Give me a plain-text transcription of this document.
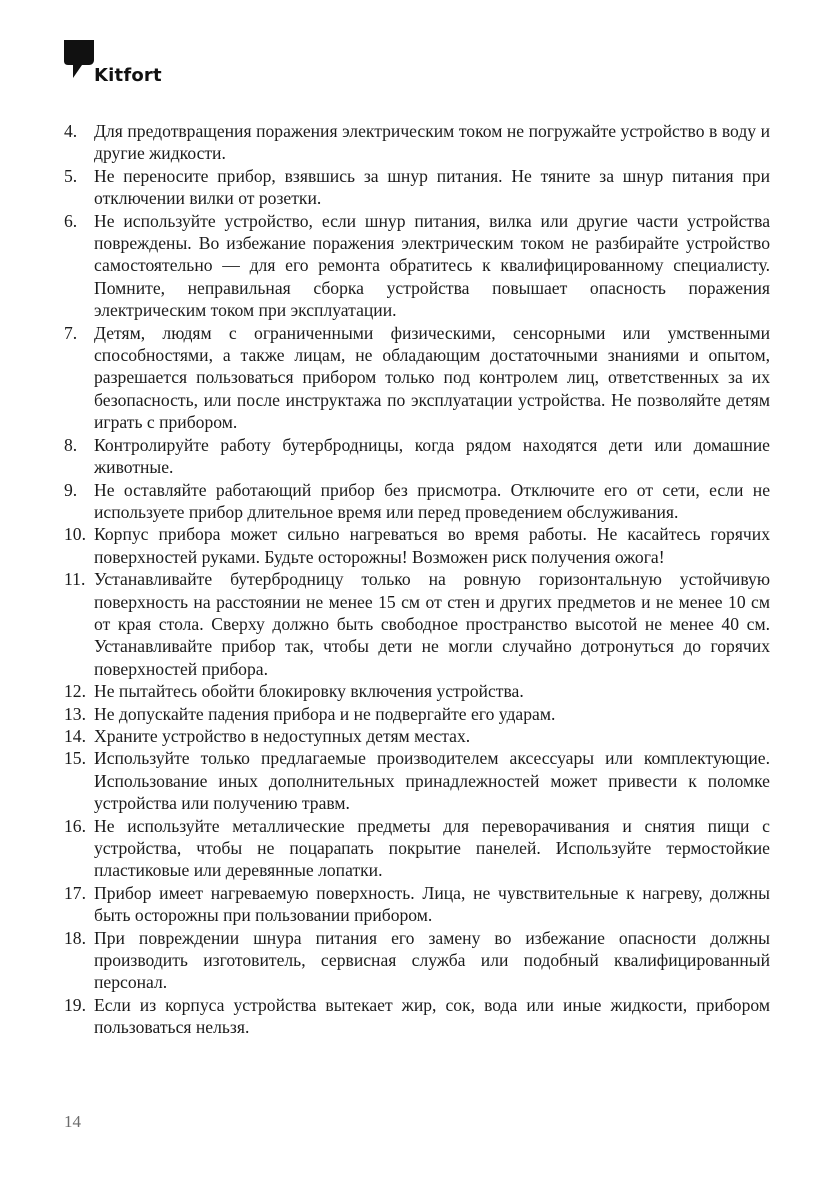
Kitfort
4. Для предотвращения поражения электрическим током не погружайте устройство в воду и другие жидкости.
5. Не переносите прибор, взявшись за шнур питания. Не тяните за шнур питания при отключении вилки от розетки.
6. Не используйте устройство, если шнур питания, вилка или другие части устройства повреждены. Во избежание поражения электрическим током не разбирайте устройство самостоятельно — для его ремонта обратитесь к квалифицированному специалисту. Помните, неправильная сборка устройства повышает опасность поражения электрическим током при эксплуатации.
7. Детям, людям с ограниченными физическими, сенсорными или умственными способностями, а также лицам, не обладающим достаточными знаниями и опытом, разрешается пользоваться прибором только под контролем лиц, ответственных за их безопасность, или после инструктажа по эксплуатации устройства. Не позволяйте детям играть с прибором.
8. Контролируйте работу бутербродницы, когда рядом находятся дети или домашние животные.
9. Не оставляйте работающий прибор без присмотра. Отключите его от сети, если не используете прибор длительное время или перед проведением обслуживания.
10. Корпус прибора может сильно нагреваться во время работы. Не касайтесь горячих поверхностей руками. Будьте осторожны! Возможен риск получения ожога!
11. Устанавливайте бутербродницу только на ровную горизонтальную устойчивую поверхность на расстоянии не менее 15 см от стен и других предметов и не менее 10 см от края стола. Сверху должно быть свободное пространство высотой не менее 40 см. Устанавливайте прибор так, чтобы дети не могли случайно дотронуться до горячих поверхностей прибора.
12. Не пытайтесь обойти блокировку включения устройства.
13. Не допускайте падения прибора и не подвергайте его ударам.
14. Храните устройство в недоступных детям местах.
15. Используйте только предлагаемые производителем аксессуары или комплектующие. Использование иных дополнительных принадлежностей может привести к поломке устройства или получению травм.
16. Не используйте металлические предметы для переворачивания и снятия пищи с устройства, чтобы не поцарапать покрытие панелей. Используйте термостойкие пластиковые или деревянные лопатки.
17. Прибор имеет нагреваемую поверхность. Лица, не чувствительные к нагреву, должны быть осторожны при пользовании прибором.
18. При повреждении шнура питания его замену во избежание опасности должны производить изготовитель, сервисная служба или подобный квалифицированный персонал.
19. Если из корпуса устройства вытекает жир, сок, вода или иные жидкости, прибором пользоваться нельзя.
14
